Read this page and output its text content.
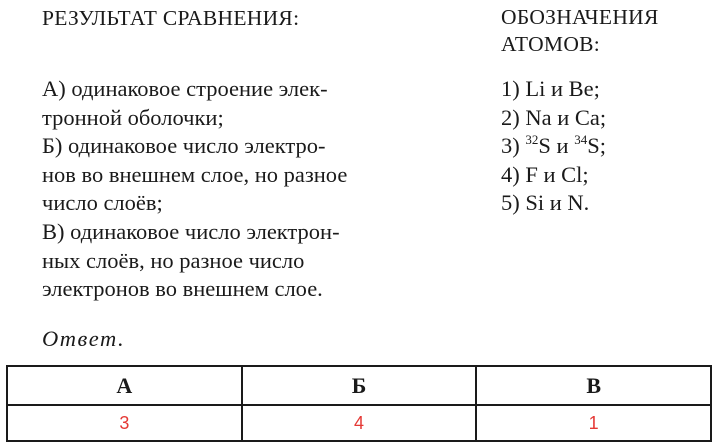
РЕЗУЛЬТАТ СРАВНЕНИЯ:	ОБОЗНАЧЕНИЯ
АТОМОВ:
А) одинаковое строение элек-
тронной оболочки;
Б) одинаковое число электро-
нов во внешнем слое, но разное
число слоёв;
В) одинаковое число электрон-
ных слоёв, но разное число
электронов во внешнем слое.
1) Li и Be;
2) Na и Ca;
3) $^{32}$S и $^{34}$S;
4) F и Cl;
5) Si и N.
Ответ.
А	Б	В
3	4	1
